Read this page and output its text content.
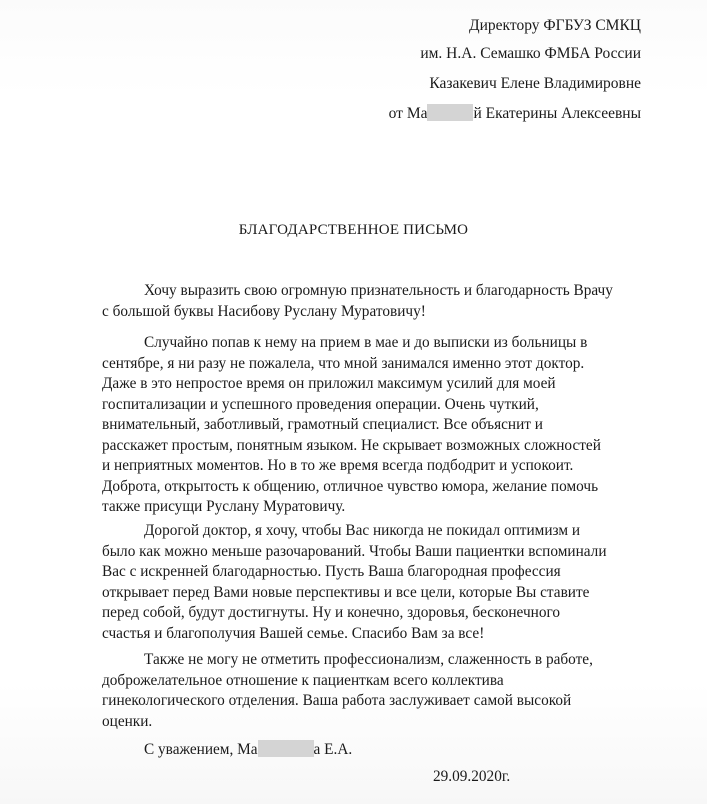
Директору ФГБУЗ СМКЦ
им. Н.А. Семашко ФМБА России
Казакевич Елене Владимировне
от Ма	й Екатерины Алексеевны
БЛАГОДАРСТВЕННОЕ ПИСЬМО
Хочу выразить свою огромную признательность и благодарность Врачу
с большой буквы Насибову Руслану Муратовичу!
Случайно попав к нему на прием в мае и до выписки из больницы в
сентябре, я ни разу не пожалела, что мной занимался именно этот доктор.
Даже в это непростое время он приложил максимум усилий для моей
госпитализации и успешного проведения операции. Очень чуткий,
внимательный, заботливый, грамотный специалист. Все объяснит и
расскажет простым, понятным языком. Не скрывает возможных сложностей
и неприятных моментов. Но в то же время всегда подбодрит и успокоит.
Доброта, открытость к общению, отличное чувство юмора, желание помочь
также присущи Руслану Муратовичу.
Дорогой доктор, я хочу, чтобы Вас никогда не покидал оптимизм и
было как можно меньше разочарований. Чтобы Ваши пациентки вспоминали
Вас с искренней благодарностью. Пусть Ваша благородная профессия
открывает перед Вами новые перспективы и все цели, которые Вы ставите
перед собой, будут достигнуты. Ну и конечно, здоровья, бесконечного
счастья и благополучия Вашей семье. Спасибо Вам за все!
Также не могу не отметить профессионализм, слаженность в работе,
доброжелательное отношение к пациенткам всего коллектива
гинекологического отделения. Ваша работа заслуживает самой высокой
оценки.
С уважением, Ма	а Е.А.
29.09.2020г.
